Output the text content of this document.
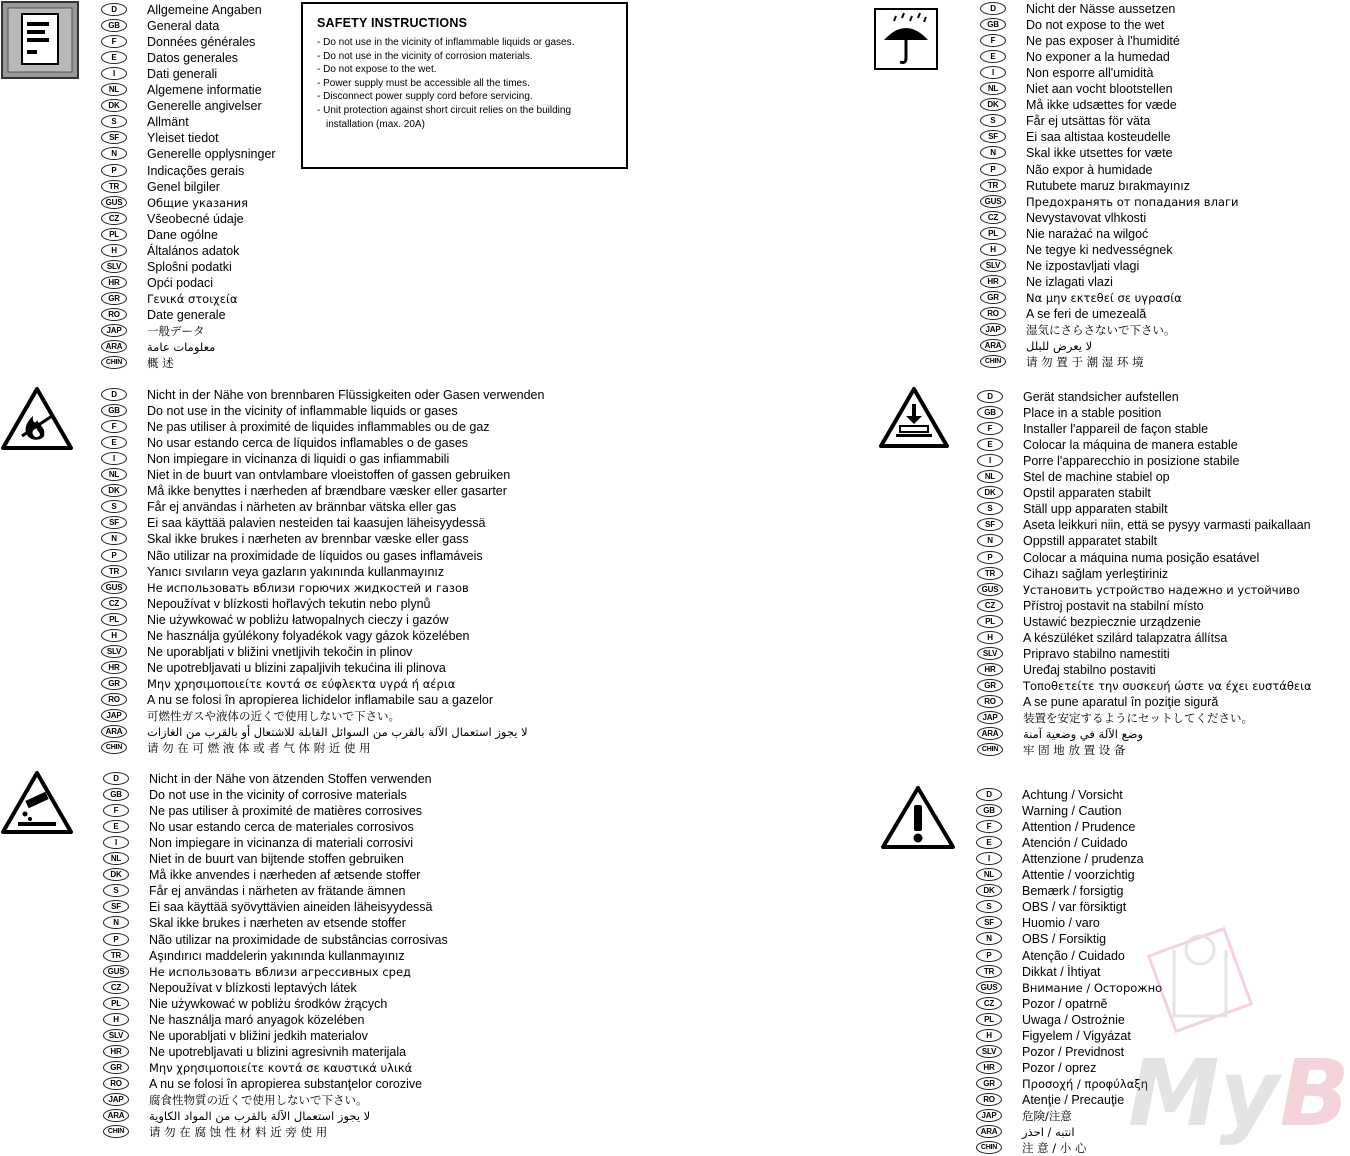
SAFETY INSTRUCTIONS
- Do not use in the vicinity of inflammable liquids or gases.
- Do not use in the vicinity of corrosion materials.
- Do not expose to the wet.
- Power supply must be accessible all the times.
- Disconnect power supply cord before servicing.
- Unit protection against short circuit relies on the building
installation (max. 20A)
D	Allgemeine Angaben
GB	General data
F	Données générales
E	Datos generales
I	Dati generali
NL	Algemene informatie
DK	Generelle angivelser
S	Allmänt
SF	Yleiset tiedot
N	Generelle opplysninger
P	Indicações gerais
TR	Genel bilgiler
GUS	Общие указания
CZ	Všeobecné údaje
PL	Dane ogólne
H	Általános adatok
SLV	Sploŝni podatki
HR	Opći podaci
GR	Γενικά στοιχεία
RO	Date generale
JAP	一般データ
ARA	معلومات عامة
CHIN	概 述
D	Nicht in der Nähe von brennbaren Flüssigkeiten oder Gasen verwenden
GB	Do not use in the vicinity of inflammable liquids or gases
F	Ne pas utiliser à proximité de liquides inflammables ou de gaz
E	No usar estando cerca de líquidos inflamables o de gases
I	Non impiegare in vicinanza di liquidi o gas infiammabili
NL	Niet in de buurt van ontvlambare vloeistoffen of gassen gebruiken
DK	Må ikke benyttes i nærheden af brændbare væsker eller gasarter
S	Får ej användas i närheten av brännbar vätska eller gas
SF	Ei saa käyttää palavien nesteiden tai kaasujen läheisyydessä
N	Skal ikke brukes i nærheten av brennbar væske eller gass
P	Não utilizar na proximidade de líquidos ou gases inflamáveis
TR	Yanıcı sıvıların veya gazların yakınında kullanmayınız
GUS	Не использовать вблизи горючих жидкостей и газов
CZ	Nepoužívat v blízkosti hořlavých tekutin nebo plynů
PL	Nie używkować w pobliżu łatwopalnych cieczy i gazów
H	Ne használja gyúlékony folyadékok vagy gázok közelében
SLV	Ne uporabljati v bližini vnetljivih tekočin in plinov
HR	Ne upotrebljavati u blizini zapaljivih tekućina ili plinova
GR	Μην χρησιμοποιείτε κοντά σε εύφλεκτα υγρά ή αέρια
RO	A nu se folosi în apropierea lichidelor inflamabile sau a gazelor
JAP	可燃性ガスや液体の近くで使用しないで下さい。
ARA	لا يجوز استعمال الآلة بالقرب من السوائل القابلة للاشتعال أو بالقرب من الغازات
CHIN	请 勿 在 可 燃 液 体 或 者 气 体 附 近 使 用
D	Nicht in der Nähe von ätzenden Stoffen verwenden
GB	Do not use in the vicinity of corrosive materials
F	Ne pas utiliser à proximité de matières corrosives
E	No usar estando cerca de materiales corrosivos
I	Non impiegare in vicinanza di materiali corrosivi
NL	Niet in de buurt van bijtende stoffen gebruiken
DK	Må ikke anvendes i nærheden af ætsende stoffer
S	Får ej användas i närheten av frätande ämnen
SF	Ei saa käyttää syövyttävien aineiden läheisyydessä
N	Skal ikke brukes i nærheten av etsende stoffer
P	Não utilizar na proximidade de substâncias corrosivas
TR	Aşındırıcı maddelerin yakınında kullanmayınız
GUS	Не использовать вблизи агрессивных сред
CZ	Nepoužívat v blízkosti leptavých látek
PL	Nie używkować w pobliżu środków żrących
H	Ne használja maró anyagok közelében
SLV	Ne uporabljati v bližini jedkih materialov
HR	Ne upotrebljavati u blizini agresivnih materijala
GR	Μην χρησιμοποιείτε κοντά σε καυστικά υλικά
RO	A nu se folosi în apropierea substanţelor corozive
JAP	腐食性物質の近くで使用しないで下さい。
ARA	لا يجوز استعمال الآلة بالقرب من المواد الكاوية
CHIN	请 勿 在 腐 蚀 性 材 料 近 旁 使 用
D	Nicht der Nässe aussetzen
GB	Do not expose to the wet
F	Ne pas exposer à l'humidité
E	No exponer a la humedad
I	Non esporre all'umidità
NL	Niet aan vocht blootstellen
DK	Må ikke udsættes for væde
S	Får ej utsättas för väta
SF	Ei saa altistaa kosteudelle
N	Skal ikke utsettes for væte
P	Não expor à humidade
TR	Rutubete maruz bırakmayınız
GUS	Предохранять от попадания влаги
CZ	Nevystavovat vlhkosti
PL	Nie narażać na wilgoć
H	Ne tegye ki nedvességnek
SLV	Ne izpostavljati vlagi
HR	Ne izlagati vlazi
GR	Να μην εκτεθεί σε υγρασία
RO	A se feri de umezeală
JAP	湿気にさらさないで下さい。
ARA	لا يعرض للبلل
CHIN	请 勿 置 于 潮 湿 环 境
D	Gerät standsicher aufstellen
GB	Place in a stable position
F	Installer l'appareil de façon stable
E	Colocar la máquina de manera estable
I	Porre l'apparecchio in posizione stabile
NL	Stel de machine stabiel op
DK	Opstil apparaten stabilt
S	Ställ upp apparaten stabilt
SF	Aseta leikkuri niin, että se pysyy varmasti paikallaan
N	Oppstill apparatet stabilt
P	Colocar a máquina numa posição esatável
TR	Cihazı sağlam yerleştiriniz
GUS	Установить устройство надежно и устойчиво
CZ	Přístroj postavit na stabilní místo
PL	Ustawić bezpiecznie urządzenie
H	A készüléket szilárd talapzatra állítsa
SLV	Pripravo stabilno namestiti
HR	Uređaj stabilno postaviti
GR	Τοποθετείτε την συσκευή ώστε να έχει ευστάθεια
RO	A se pune aparatul în poziţie sigură
JAP	装置を安定するようにセットしてください。
ARA	وضع الآلة في وضعية آمنة
CHIN	牢 固 地 放 置 设 备
D	Achtung / Vorsicht
GB	Warning / Caution
F	Attention / Prudence
E	Atención / Cuidado
I	Attenzione / prudenza
NL	Attentie / voorzichtig
DK	Bemærk / forsigtig
S	OBS / var försiktigt
SF	Huomio / varo
N	OBS / Forsiktig
P	Atenção / Cuidado
TR	Dikkat / İhtiyat
GUS	Внимание / Осторожно
CZ	Pozor / opatrně
PL	Uwaga / Ostrożnie
H	Figyelem / Vigyázat
SLV	Pozor / Previdnost
HR	Pozor / oprez
GR	Προσοχή / προφύλαξη
RO	Atenţie / Precauţie
JAP	危険/注意
ARA	انتبه / احذر
CHIN	注 意 / 小 心
MyB
